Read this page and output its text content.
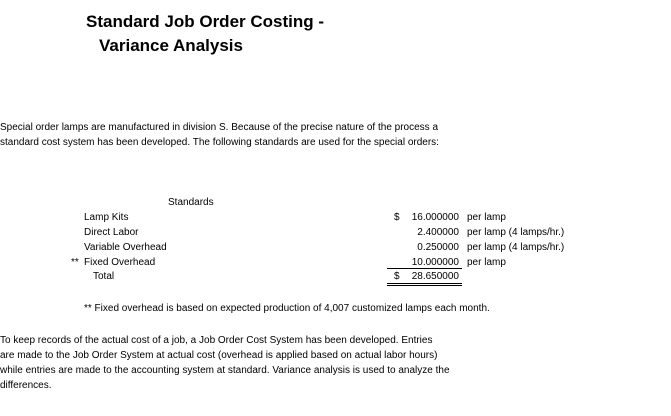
Standard Job Order Costing -
Variance Analysis
Special order lamps are manufactured in division S. Because of the precise nature of the process a
standard cost system has been developed. The following standards are used for the special orders:
Standards
Lamp Kits	$	16.000000 per lamp
Direct Labor	2.400000 per lamp (4 lamps/hr.)
Variable Overhead	0.250000 per lamp (4 lamps/hr.)
** Fixed Overhead	10.000000 per lamp
Total	$	28.650000
** Fixed overhead is based on expected production of 4,007 customized lamps each month.
To keep records of the actual cost of a job, a Job Order Cost System has been developed. Entries
are made to the Job Order System at actual cost (overhead is applied based on actual labor hours)
while entries are made to the accounting system at standard. Variance analysis is used to analyze the
differences.
